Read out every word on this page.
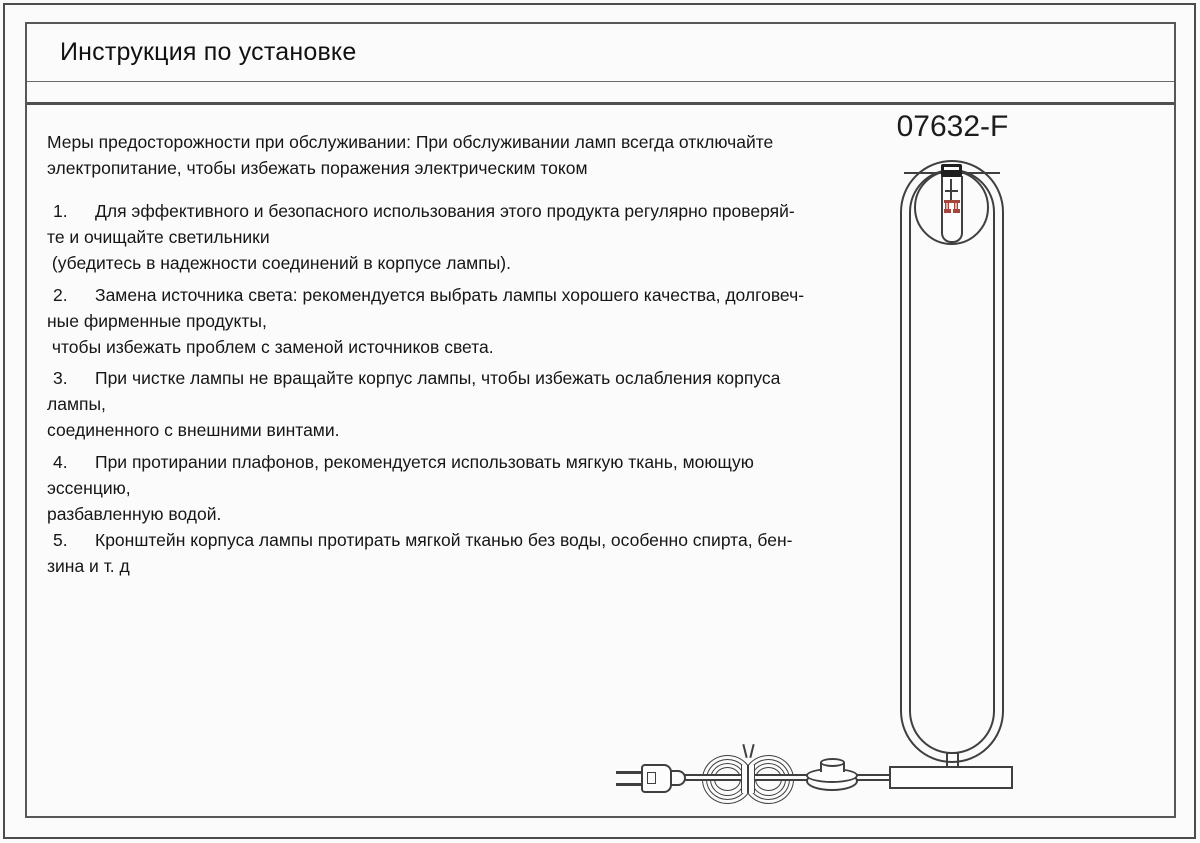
Инструкция по установке
Меры предосторожности при обслуживании: При обслуживании ламп всегда отключайте
электропитание, чтобы избежать поражения электрическим током
1. Для эффективного и безопасного использования этого продукта регулярно проверяй-
те и очищайте светильники
(убедитесь в надежности соединений в корпусе лампы).
2. Замена источника света: рекомендуется выбрать лампы хорошего качества, долговеч-
ные фирменные продукты,
чтобы избежать проблем с заменой источников света.
3. При чистке лампы не вращайте корпус лампы, чтобы избежать ослабления корпуса
лампы,
соединенного с внешними винтами.
4. При протирании плафонов, рекомендуется использовать мягкую ткань, моющую
эссенцию,
разбавленную водой.
5. Кронштейн корпуса лампы протирать мягкой тканью без воды, особенно спирта, бен-
зина и т. д
07632-F
